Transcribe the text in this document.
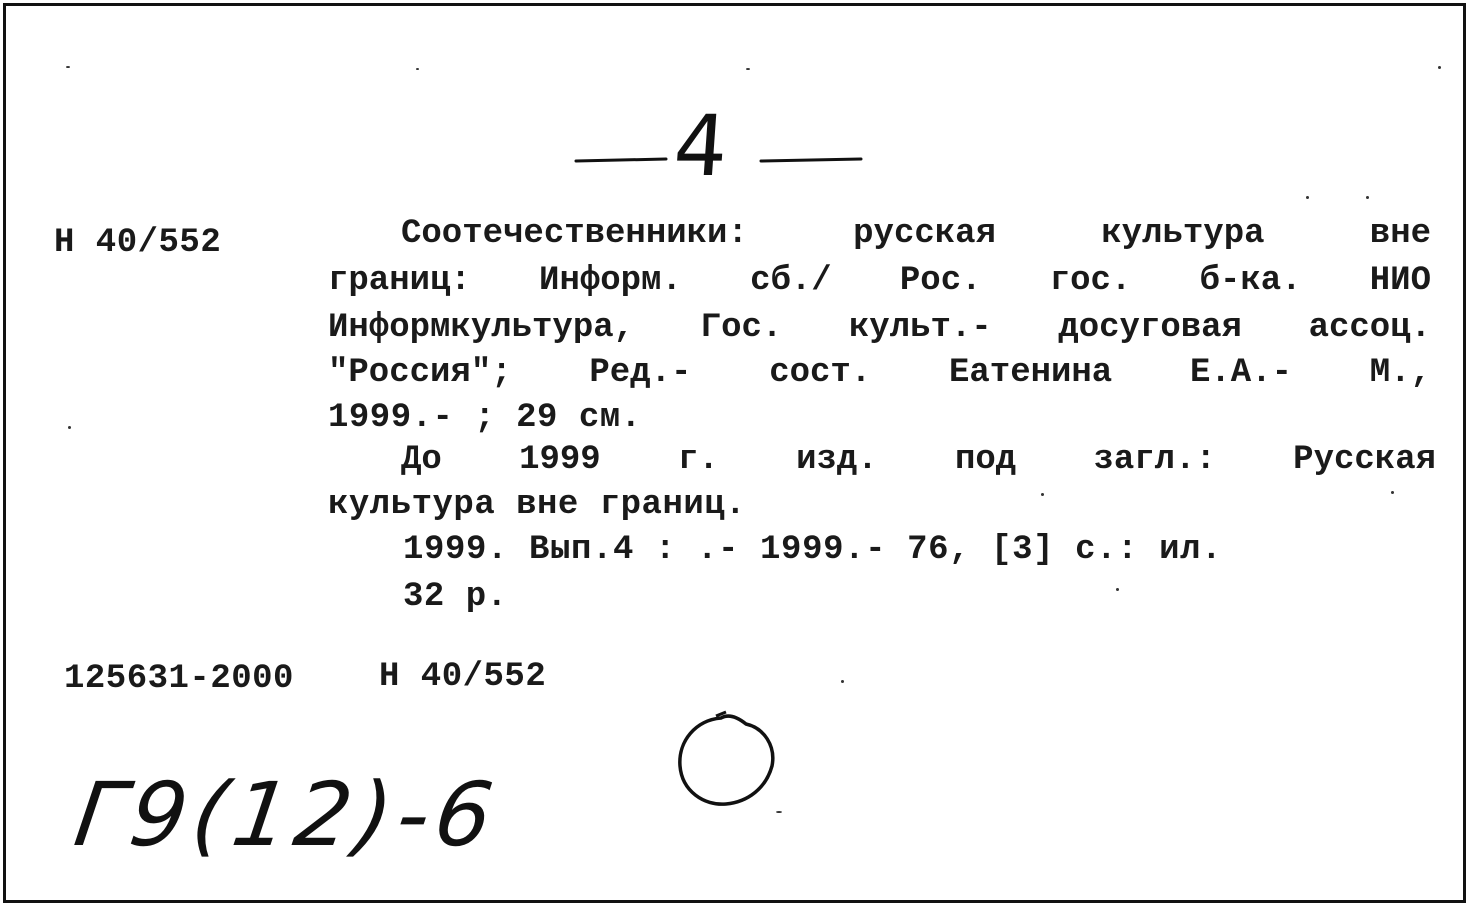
4
Н 40/552	Соотечественники: русская культура вне
границ: Информ. сб./ Рос. гос. б-ка. НИО
Информкультура, Гос. культ.- досуговая ассоц.
"Россия"; Ред.- сост. Еатенина Е.А.- М.,
1999.- ; 29 см.
До 1999 г. изд. под загл.: Русская
культура вне границ.
1999. Вып.4 : .- 1999.- 76, [3] с.: ил.
32 р.
125631-2000	Н 40/552
Г9(12)-6
